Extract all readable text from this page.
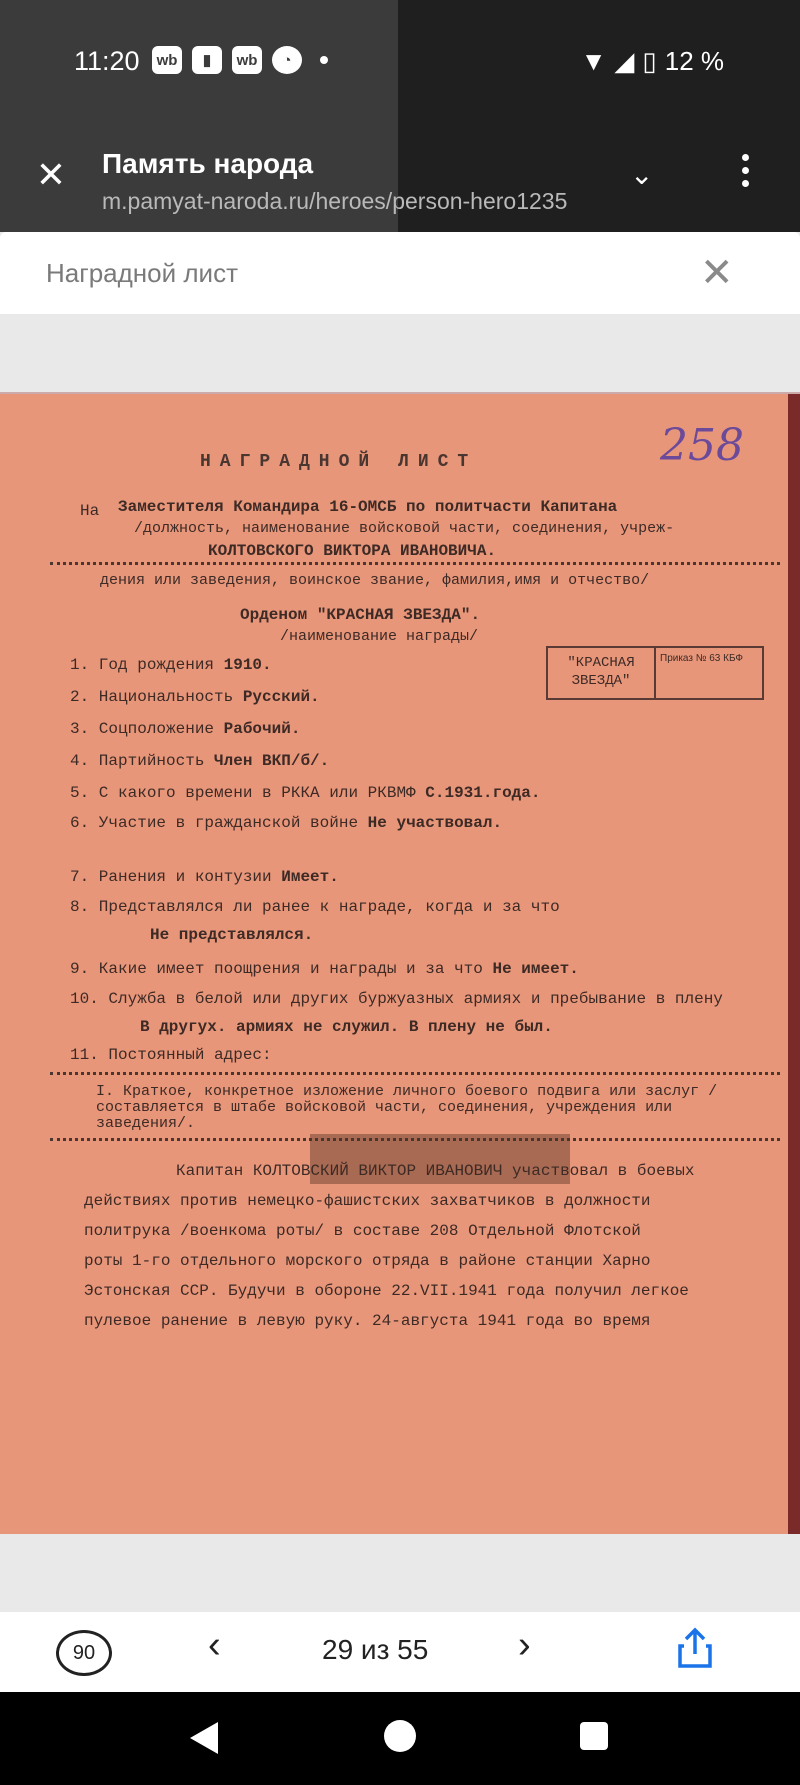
11:20	wb	▮	wb	◔	▼ ◢ ▯ 12 %
✕ Память народа
m.pamyat-naroda.ru/heroes/person-hero1235
⌄
Наградной лист	✕
НАГРАДНОЙ ЛИСТ	258
На Заместителя Командира 16-ОМСБ по политчасти Капитана
/должность, наименование войсковой части, соединения, учреж-
КОЛТОВСКОГО ВИКТОРА ИВАНОВИЧА.
дения или заведения, воинское звание, фамилия,имя и отчество/
Орденом "КРАСНАЯ ЗВЕЗДА".
/наименование награды/
"КРАСНАЯ ЗВЕЗДА"
Приказ № 63 КБФ
1. Год рождения 1910.
2. Национальность Русский.
3. Соцположение Рабочий.
4. Партийность Член ВКП/б/.
5. С какого времени в РККА или РКВМФ С.1931.года.
6. Участие в гражданской войне Не участвовал.
7. Ранения и контузии Имеет.
Не представлялся.
8. Представлялся ли ранее к награде, когда и за что
9. Какие имеет поощрения и награды и за что Не имеет.
В другух. армиях не служил. В плену не был.
10. Служба в белой или других буржуазных армиях и пребывание в плену
11. Постоянный адрес:
I. Краткое, конкретное изложение личного боевого подвига или заслуг /составляется в штабе войсковой части, соединения, учреждения или заведения/.
Капитан КОЛТОВСКИЙ ВИКТОР ИВАНОВИЧ участвовал в боевых
действиях против немецко-фашистских захватчиков в должности
политрука /военкома роты/ в составе 208 Отдельной Флотской
роты 1-го отдельного морского отряда в районе станции Харно
Эстонская ССР. Будучи в обороне 22.VII.1941 года получил легкое
пулевое ранение в левую руку. 24-августа 1941 года во время
90	‹	29 из 55 ›
